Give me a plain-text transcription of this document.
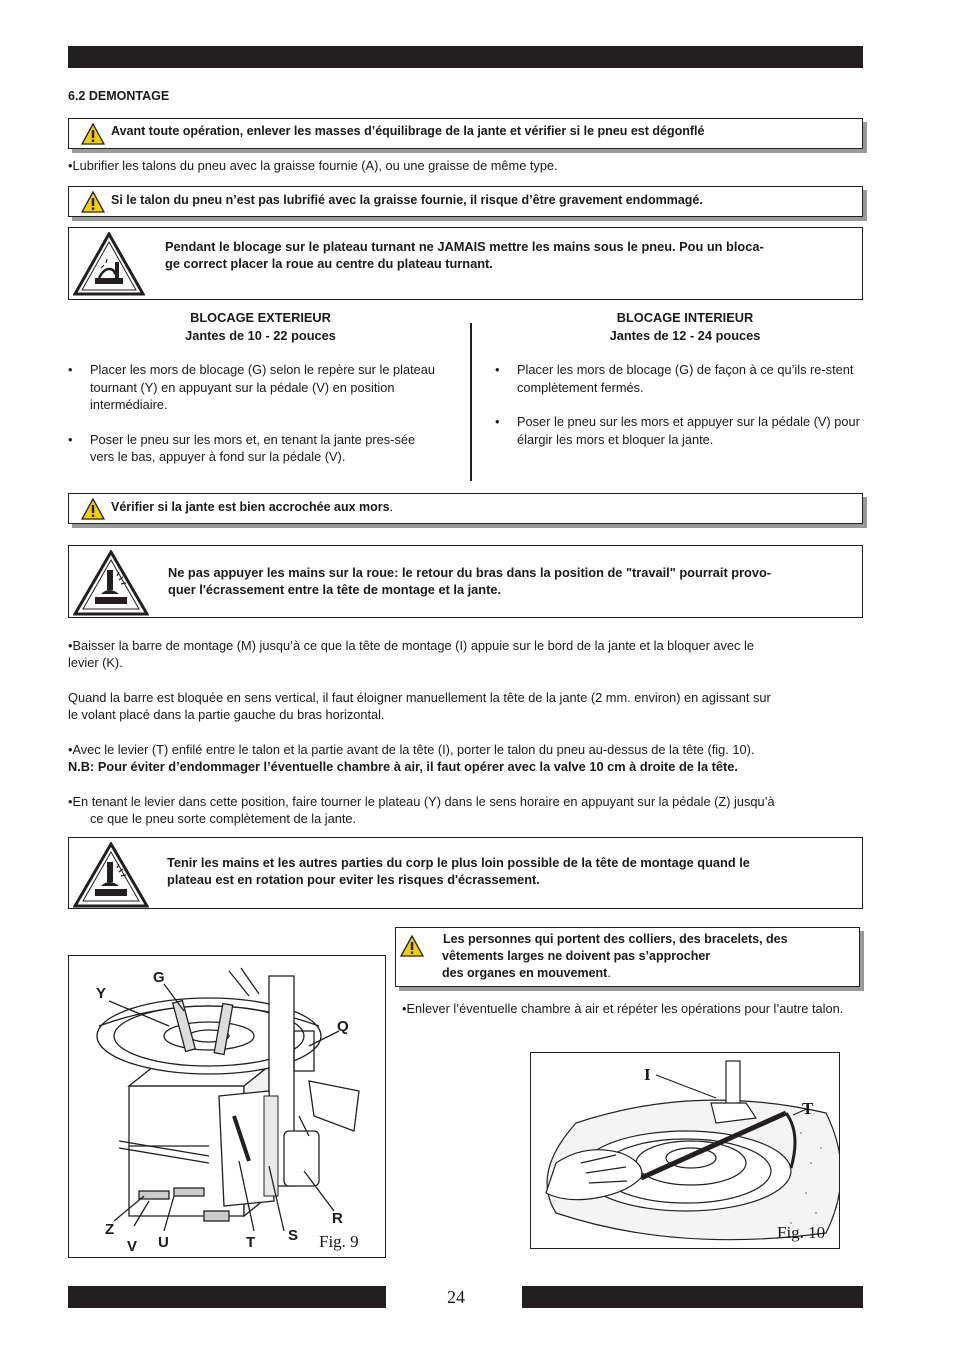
6.2 DEMONTAGE
Avant toute opération, enlever les masses d’équilibrage de la jante et vérifier si le pneu est dégonflé
•Lubrifier les talons du pneu avec la graisse fournie (A), ou une graisse de même type.
Si le talon du pneu n’est pas lubrifié avec la graisse fournie, il risque d’être gravement endommagé.
Pendant le blocage sur le plateau turnant ne JAMAIS mettre les mains sous le pneu. Pou un bloca-
ge correct placer la roue au centre du plateau turnant.
BLOCAGE EXTERIEUR
Jantes de 10 - 22 pouces
• Placer les mors de blocage (G) selon le repère sur le plateau tournant (Y) en appuyant sur la pédale (V) en position intermédiaire.
• Poser le pneu sur les mors et, en tenant la jante pres-sée vers le bas, appuyer à fond sur la pédale (V).
BLOCAGE INTERIEUR
Jantes de 12 - 24 pouces
• Placer les mors de blocage (G) de façon à ce qu’ils re-stent complètement fermés.
• Poser le pneu sur les mors et appuyer sur la pédale (V) pour élargir les mors et bloquer la jante.
Vérifier si la jante est bien accrochée aux mors.
Ne pas appuyer les mains sur la roue: le retour du bras dans la position de "travail" pourrait provo-
quer l'écrassement entre la tête de montage et la jante.
•Baisser la barre de montage (M) jusqu’à ce que la tête de montage (I) appuie sur le bord de la jante et la bloquer avec le
levier (K).
Quand la barre est bloquée en sens vertical, il faut éloigner manuellement la tête de la jante (2 mm. environ) en agissant sur
le volant placé dans la partie gauche du bras horizontal.
•Avec le levier (T) enfilé entre le talon et la partie avant de la tête (I), porter le talon du pneu au-dessus de la tête (fig. 10).
N.B: Pour éviter d’endommager l’éventuelle chambre à air, il faut opérer avec la valve 10 cm à droite de la tête.
•En tenant le levier dans cette position, faire tourner le plateau (Y) dans le sens horaire en appuyant sur la pédale (Z) jusqu’à
ce que le pneu sorte complètement de la jante.
Tenir les mains et les autres parties du corp le plus loin possible de la tête de montage quand le
plateau est en rotation pour eviter les risques d'écrassement.
Les personnes qui portent des colliers, des bracelets, des
vêtements larges ne doivent pas s’approcher
des organes en mouvement.
•Enlever l’éventuelle chambre à air et répéter les opérations pour l’autre talon.
Y
G
Q
R
Z
V U	T S Fig. 9
I
T
Fig. 10
24
